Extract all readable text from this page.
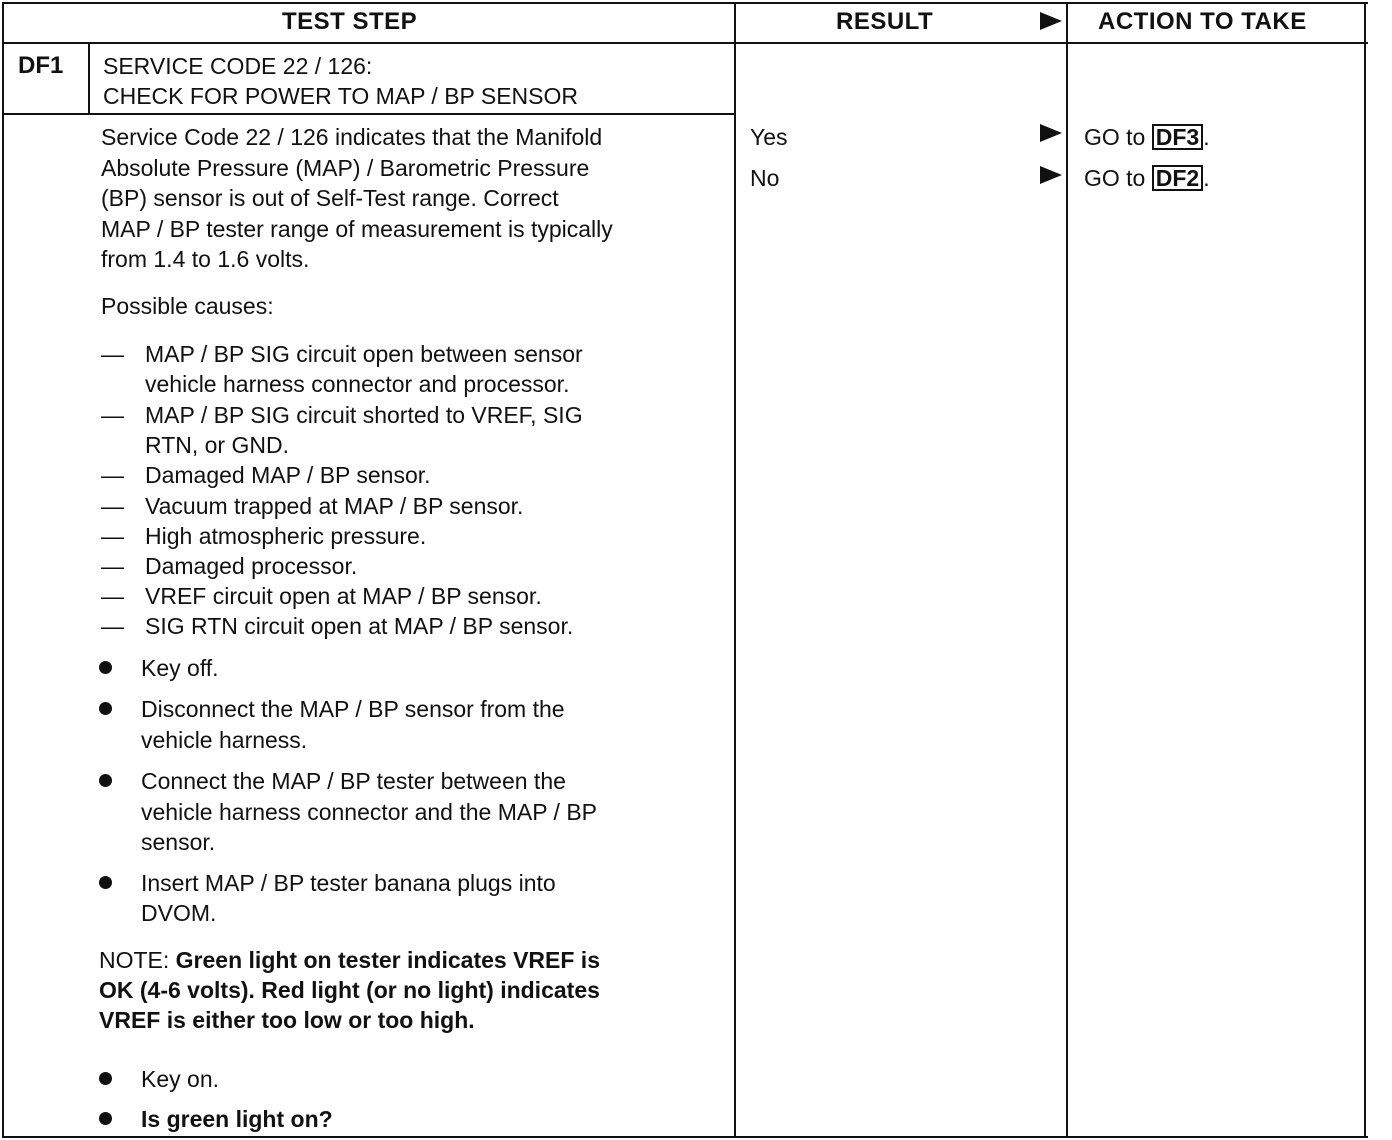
TEST STEP	RESULT	ACTION TO TAKE
DF1 SERVICE CODE 22 / 126:
CHECK FOR POWER TO MAP / BP SENSOR
Service Code 22 / 126 indicates that the Manifold
Absolute Pressure (MAP) / Barometric Pressure
(BP) sensor is out of Self-Test range. Correct
MAP / BP tester range of measurement is typically
from 1.4 to 1.6 volts.
Possible causes:
— MAP / BP SIG circuit open between sensor
vehicle harness connector and processor.
— MAP / BP SIG circuit shorted to VREF, SIG
RTN, or GND.
— Damaged MAP / BP sensor.
— Vacuum trapped at MAP / BP sensor.
— High atmospheric pressure.
— Damaged processor.
— VREF circuit open at MAP / BP sensor.
— SIG RTN circuit open at MAP / BP sensor.
Key off.
Disconnect the MAP / BP sensor from the
vehicle harness.
Connect the MAP / BP tester between the
vehicle harness connector and the MAP / BP
sensor.
Insert MAP / BP tester banana plugs into
DVOM.
NOTE: Green light on tester indicates VREF is
OK (4-6 volts). Red light (or no light) indicates
VREF is either too low or too high.
Key on.
Is green light on?
Yes
No
GO to DF3 .
GO to DF2 .
